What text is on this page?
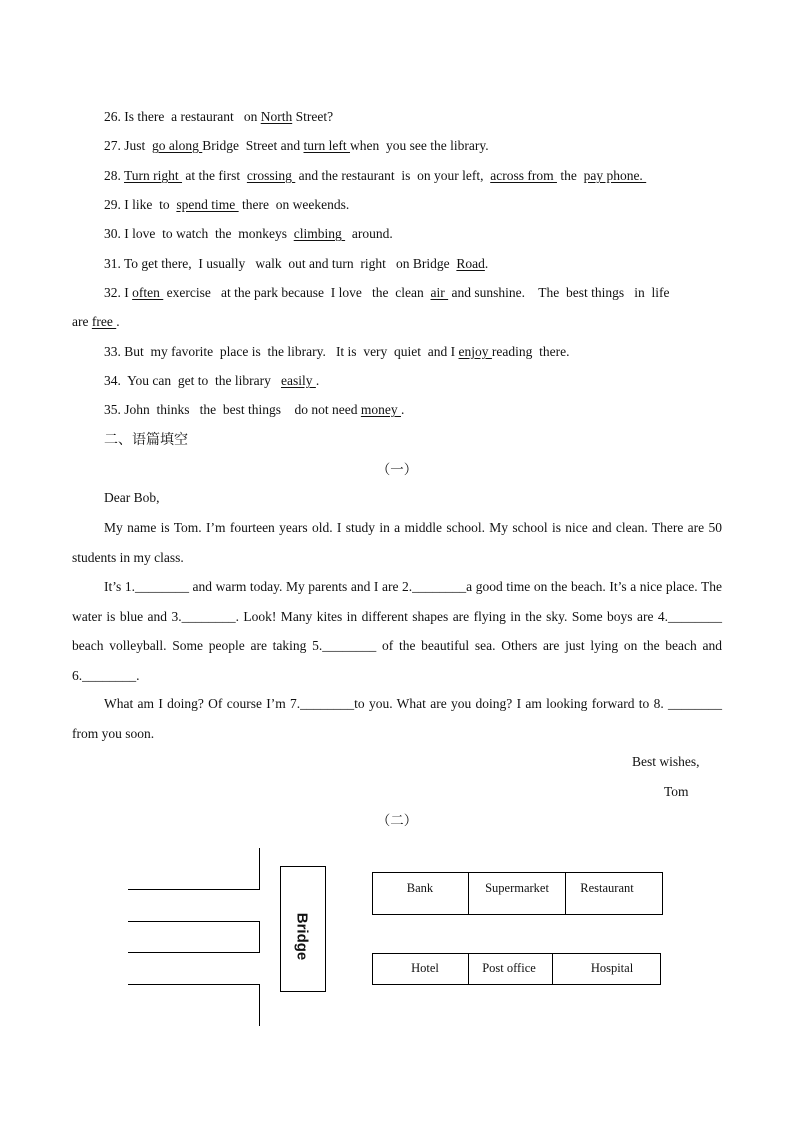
26. Is there  a restaurant   on North Street?
27. Just  go along Bridge  Street and turn left when  you see the library.
28. Turn right  at the first  crossing  and the restaurant  is  on your left,  across from  the  pay phone.
29. I like  to  spend time  there  on weekends.
30. I love  to watch  the  monkeys  climbing   around.
31. To get there,  I usually   walk  out and turn  right   on Bridge  Road.
32. I often  exercise   at the park because  I love   the  clean  air  and sunshine.    The  best things   in  life
are free .
33. But  my favorite  place is  the library.   It is  very  quiet  and I enjoy reading  there.
34.  You can  get to  the library   easily .
35. John  thinks   the  best things    do not need money .
二、语篇填空
（一）
Dear Bob,
My name is Tom. I’m fourteen years old. I study in a middle school. My school is nice and clean. There are 50 students in my class.
It’s 1.________ and warm today. My parents and I are 2.________a good time on the beach. It’s a nice place. The water is blue and 3.________. Look! Many kites in different shapes are flying in the sky. Some boys are 4.________ beach volleyball. Some people are taking 5.________ of the beautiful sea. Others are just lying on the beach and 6.________.
What am I doing? Of course I’m 7.________to you. What are you doing? I am looking forward to 8. ________ from you soon.
Best wishes,
Tom
（二）
Bridge
Bank	Supermarket	Restaurant
Hotel	Post office	Hospital
